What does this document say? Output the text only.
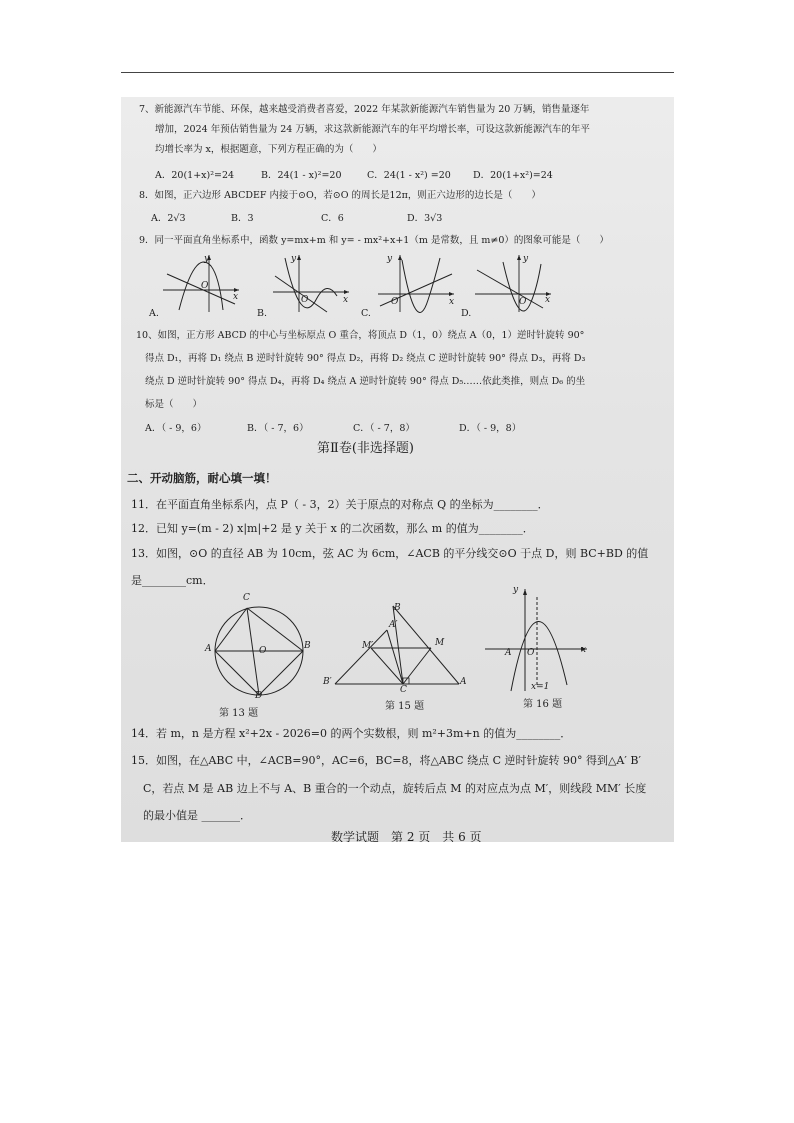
7、新能源汽车节能、环保，越来越受消费者喜爱，2022 年某款新能源汽车销售量为 20 万辆，销售量逐年
增加，2024 年预估销售量为 24 万辆，求这款新能源汽车的年平均增长率，可设这款新能源汽车的年平
均增长率为 x，根据题意，下列方程正确的为（　　）
A．20(1+x)²=24	B．24(1 - x)²=20	C．24(1 - x²) =20 D．20(1+x²)=24
8．如图，正六边形 ABCDEF 内接于⊙O，若⊙O 的周长是12π，则正六边形的边长是（　　）
A．2√3	B．3	C．6	D．3√3
9．同一平面直角坐标系中，函数 y=mx+m 和 y= - mx²+x+1（m 是常数，且 m≠0）的图象可能是（　　）
y
x
O
A.
y
x
O
B.
y
x
O
C.
y
x
O
D.
10、如图，正方形 ABCD 的中心与坐标原点 O 重合，将顶点 D（1，0）绕点 A（0，1）逆时针旋转 90°
得点 D₁，再将 D₁ 绕点 B 逆时针旋转 90° 得点 D₂，再将 D₂ 绕点 C 逆时针旋转 90° 得点 D₃，再将 D₃
绕点 D 逆时针旋转 90° 得点 D₄，再将 D₄ 绕点 A 逆时针旋转 90° 得点 D₅……依此类推，则点 D₆ 的坐
标是（　　）
A．（ - 9，6）	B．（ - 7，6）	C．（ - 7，8）	D．（ - 9，8）
第Ⅱ卷(非选择题)
二、开动脑筋，耐心填一填！
11．在平面直角坐标系内，点 P（ - 3，2）关于原点的对称点 Q 的坐标为________．
12．已知 y=(m - 2) x|m|+2 是 y 关于 x 的二次函数，那么 m 的值为________．
13．如图，⊙O 的直径 AB 为 10cm，弦 AC 为 6cm，∠ACB 的平分线交⊙O 于点 D，则 BC+BD 的值
是________cm．
C
A	O	B
D
第 13 题
B
A′
M′	M
B′
C
A
第 15 题
y
A O	x
x=1
第 16 题
14．若 m，n 是方程 x²+2x - 2026=0 的两个实数根，则 m²+3m+n 的值为________．
15．如图，在△ABC 中，∠ACB=90°，AC=6，BC=8，将△ABC 绕点 C 逆时针旋转 90° 得到△A′ B′
C，若点 M 是 AB 边上不与 A、B 重合的一个动点，旋转后点 M 的对应点为点 M′，则线段 MM′ 长度
的最小值是 _______．
数学试题　第 2 页　共 6 页
